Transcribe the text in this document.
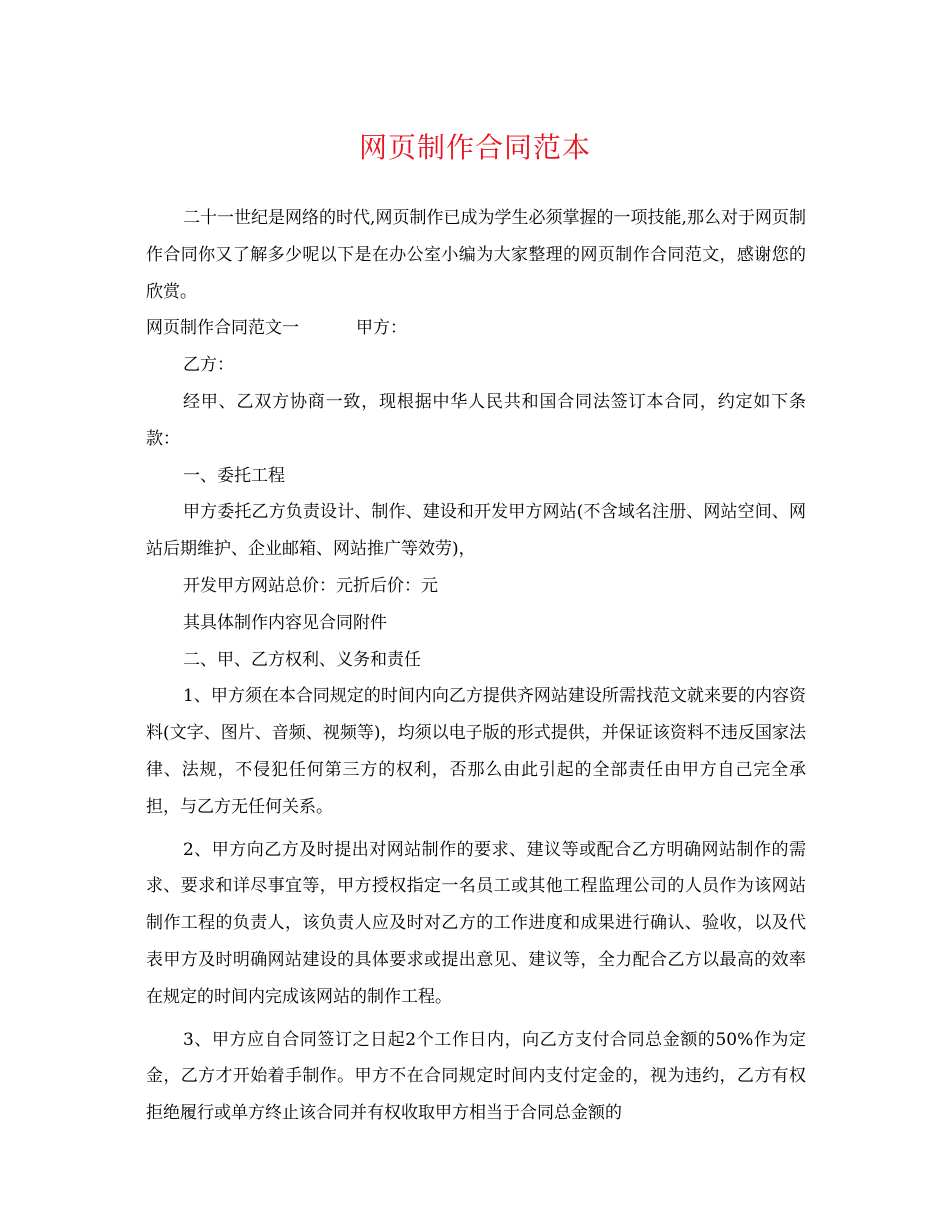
网页制作合同范本

二十一世纪是网络的时代,网页制作已成为学生必须掌握的一项技能,那么对于网页制作合同你又了解多少呢以下是在办公室小编为大家整理的网页制作合同范文，感谢您的欣赏。

网页制作合同范文一	甲方：

乙方：

经甲、乙双方协商一致，现根据中华人民共和国合同法签订本合同，约定如下条款：

一、委托工程

甲方委托乙方负责设计、制作、建设和开发甲方网站(不含域名注册、网站空间、网站后期维护、企业邮箱、网站推广等效劳)，

开发甲方网站总价：元折后价：元

其具体制作内容见合同附件

二、甲、乙方权利、义务和责任

1、甲方须在本合同规定的时间内向乙方提供齐网站建设所需找范文就来要的内容资料(文字、图片、音频、视频等)，均须以电子版的形式提供，并保证该资料不违反国家法律、法规，不侵犯任何第三方的权利，否那么由此引起的全部责任由甲方自己完全承担，与乙方无任何关系。

2、甲方向乙方及时提出对网站制作的要求、建议等或配合乙方明确网站制作的需求、要求和详尽事宜等，甲方授权指定一名员工或其他工程监理公司的人员作为该网站制作工程的负责人，该负责人应及时对乙方的工作进度和成果进行确认、验收，以及代表甲方及时明确网站建设的具体要求或提出意见、建议等，全力配合乙方以最高的效率在规定的时间内完成该网站的制作工程。

3、甲方应自合同签订之日起2个工作日内，向乙方支付合同总金额的50%作为定金，乙方才开始着手制作。甲方不在合同规定时间内支付定金的，视为违约，乙方有权拒绝履行或单方终止该合同并有权收取甲方相当于合同总金额的
